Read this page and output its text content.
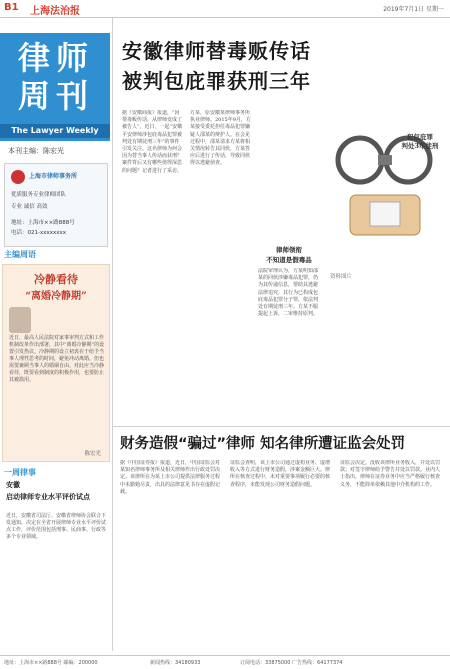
B1 上海法治报	2019年7月1日 星期一
律师周刊
The Lawyer Weekly
本刊主编：陈宏光
上海市律师事务所
优质服务专业律师团队
专业 诚信 高效
地址：上海市××路888号
电话：021-xxxxxxxx
主编周语
冷静看待
“离婚冷静期”
近日，最高人民法院对家事审判方式和工作机制改革作出部署，其中“离婚冷静期”的设置引发热议。冷静期的设立初衷在于给予当事人理性思考的时间，避免冲动离婚，但也需要兼顾当事人的婚姻自由。对此应当冷静看待，既要看到制度的积极作用，也要防止其被滥用。
陈宏光
一周律事
安徽
启动律师专业水平评价试点
近日，安徽省司法厅、安徽省律师协会联合下发通知，决定在全省开展律师专业水平评价试点工作，评价范围包括刑事、民商事、行政等多个专业领域。
安徽律师替毒贩传话
被判包庇罪获刑三年
据《安徽商报》报道，“因帮毒贩传话，从律师变成了被告人”。近日，一起“安徽平安律师涉包庇毒品犯罪被判处有期徒刑三年”的事件引发关注。这名律师为何会因为替当事人传话而获刑？案件背后又有哪些值得深思的问题？记者进行了采访。
方某，原安徽某律师事务所执业律师。2015年9月，方某接受委托担任毒品犯罪嫌疑人邵某的辩护人。在会见过程中，邵某请求方某将相关情况转告其同伙，方某答应后进行了传话，导致同伙得以逃避侦查。
律师领衔
不知道是假毒品
法院审理认为，方某明知邵某的同伙涉嫌毒品犯罪，仍为其传递信息，帮助其逃避法律追究，其行为已构成包庇毒品犯罪分子罪，依法判处有期徒刑三年。方某不服提起上诉，二审维持原判。
犯包庇罪
判处3年徒刑
资料图片
财务造假“骗过”律师 知名律所遭证监会处罚
据《中国证券报》报道，近日，中国证监会对某知名律师事务所及相关律师作出行政处罚决定。该律所在为某上市公司提供法律服务过程中未勤勉尽责，出具的法律意见书存在虚假记载。
证监会查明，该上市公司通过虚构业务、虚增收入等方式进行财务造假，涉案金额巨大。律所在核查过程中，未对重要事项履行必要的核查程序，未能发现公司财务造假问题。
证监会决定，没收该律所业务收入，并处以罚款；对签字律师给予警告并处以罚款。业内人士指出，律师在证券业务中应当严格履行核查义务，不能简单依赖其他中介机构的工作。
地址：上海市××路888号 邮编：200000	新闻热线：34180933	订阅电话：33875000 广告热线：64177374
